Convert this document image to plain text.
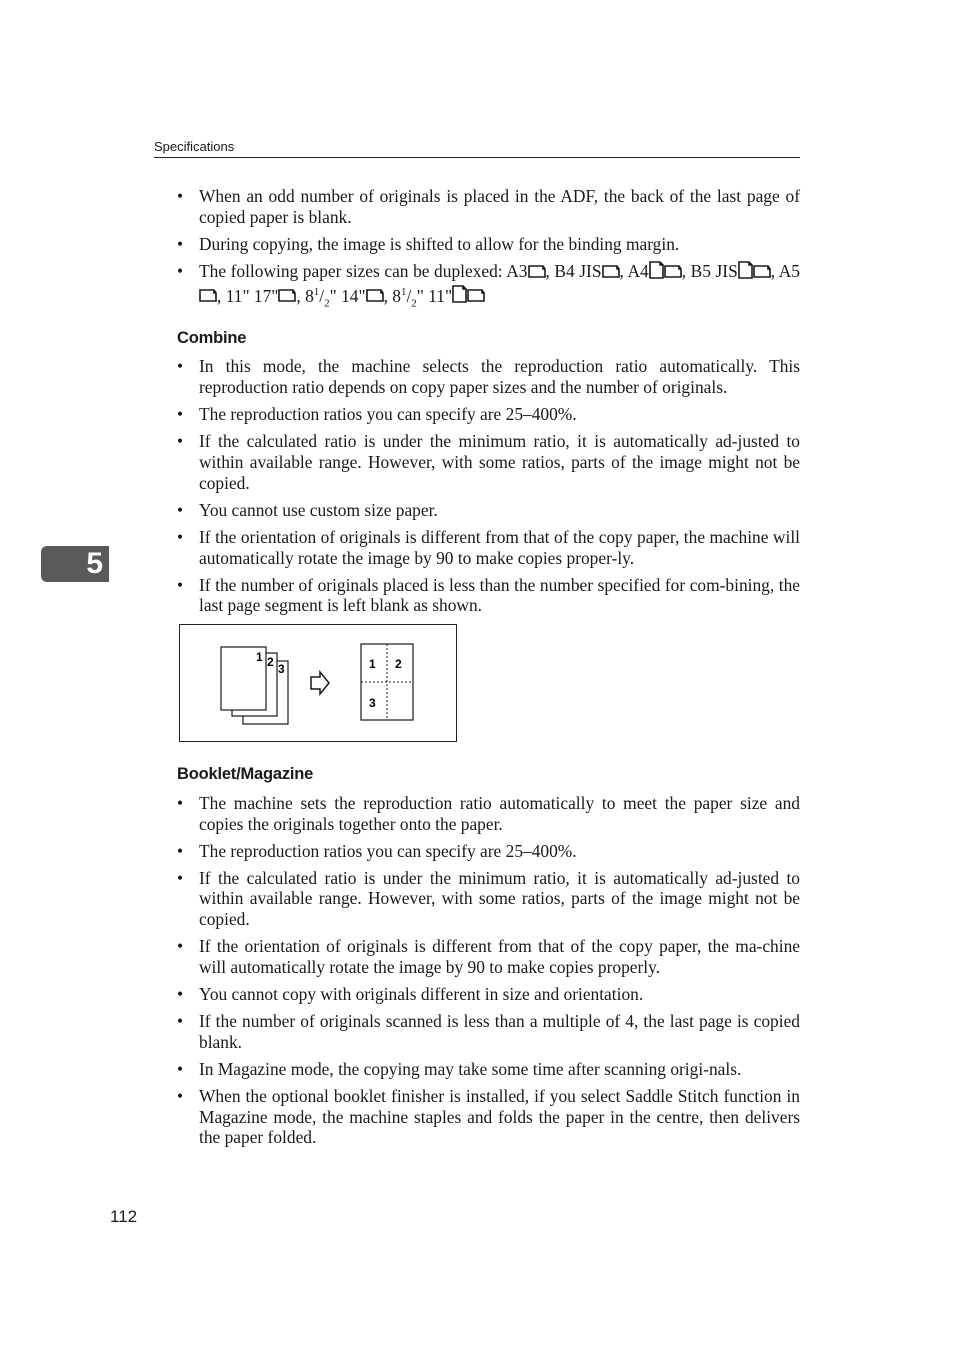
Specifications
5
• When an odd number of originals is placed in the ADF, the back of the last page of copied paper is blank.
• During copying, the image is shifted to allow for the binding margin.
• The following paper sizes can be duplexed: A3 , B4 JIS , A4 , B5 JIS , A5, 11" 17" , $8^1/_2$" 14" , $8^1/_2$" 11"
Combine
• In this mode, the machine selects the reproduction ratio automatically. This reproduction ratio depends on copy paper sizes and the number of originals.
• The reproduction ratios you can specify are 25–400%.
• If the calculated ratio is under the minimum ratio, it is automatically ad-justed to within available range. However, with some ratios, parts of the image might not be copied.
• You cannot use custom size paper.
• If the orientation of originals is different from that of the copy paper, the machine will automatically rotate the image by 90 to make copies proper-ly.
• If the number of originals placed is less than the number specified for com-bining, the last page segment is left blank as shown.
1 2 3	1 2
3
Booklet/Magazine
• The machine sets the reproduction ratio automatically to meet the paper size and copies the originals together onto the paper.
• The reproduction ratios you can specify are 25–400%.
• If the calculated ratio is under the minimum ratio, it is automatically ad-justed to within available range. However, with some ratios, parts of the image might not be copied.
• If the orientation of originals is different from that of the copy paper, the ma-chine will automatically rotate the image by 90 to make copies properly.
• You cannot copy with originals different in size and orientation.
• If the number of originals scanned is less than a multiple of 4, the last page is copied blank.
• In Magazine mode, the copying may take some time after scanning origi-nals.
• When the optional booklet finisher is installed, if you select Saddle Stitch function in Magazine mode, the machine staples and folds the paper in the centre, then delivers the paper folded.
112
